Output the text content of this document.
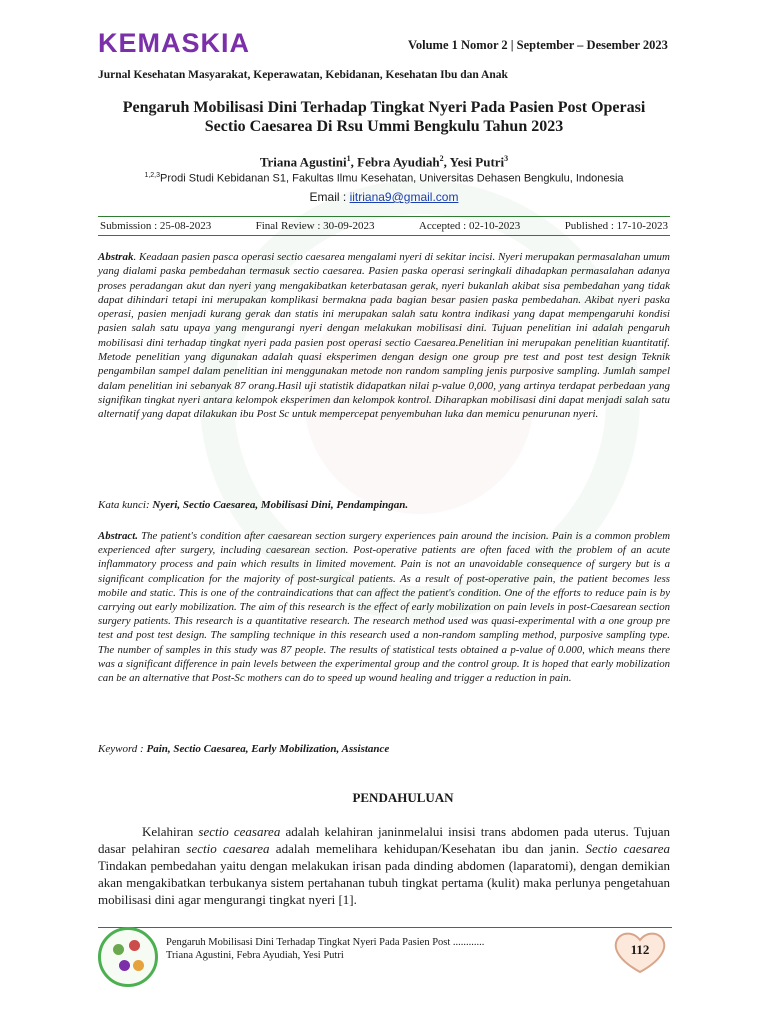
KEMASKIA	Volume 1 Nomor 2 | September – Desember 2023
Jurnal Kesehatan Masyarakat, Keperawatan, Kebidanan, Kesehatan Ibu dan Anak
Pengaruh Mobilisasi Dini Terhadap Tingkat Nyeri Pada Pasien Post Operasi
Sectio Caesarea Di Rsu Ummi Bengkulu Tahun 2023
Triana Agustini$^1$, Febra Ayudiah$^2$, Yesi Putri$^3$
$^{1,2,3}$Prodi Studi Kebidanan S1, Fakultas Ilmu Kesehatan, Universitas Dehasen Bengkulu, Indonesia
Email : iitriana9@gmail.com
Submission : 25-08-2023	Final Review : 30-09-2023	Accepted : 02-10-2023	Published : 17-10-2023
Abstrak. Keadaan pasien pasca operasi sectio caesarea mengalami nyeri di sekitar incisi. Nyeri merupakan permasalahan umum yang dialami paska pembedahan termasuk sectio caesarea. Pasien paska operasi seringkali dihadapkan permasalahan adanya proses peradangan akut dan nyeri yang mengakibatkan keterbatasan gerak, nyeri bukanlah akibat sisa pembedahan yang tidak dapat dihindari tetapi ini merupakan komplikasi bermakna pada bagian besar pasien paska pembedahan. Akibat nyeri paska operasi, pasien menjadi kurang gerak dan statis ini merupakan salah satu kontra indikasi yang dapat mempengaruhi kondisi pasien salah satu upaya yang mengurangi nyeri dengan melakukan mobilisasi dini. Tujuan penelitian ini adalah pengaruh mobilisasi dini terhadap tingkat nyeri pada pasien post operasi sectio Caesarea.Penelitian ini merupakan penelitian kuantitatif. Metode penelitian yang digunakan adalah quasi eksperimen dengan design one group pre test and post test design Teknik pengambilan sampel dalam penelitian ini menggunakan metode non random sampling jenis purposive sampling. Jumlah sampel dalam penelitian ini sebanyak 87 orang.Hasil uji statistik didapatkan nilai p-value 0,000, yang artinya terdapat perbedaan yang signifikan tingkat nyeri antara kelompok eksperimen dan kelompok kontrol. Diharapkan mobilisasi dini dapat menjadi salah satu alternatif yang dapat dilakukan ibu Post Sc untuk mempercepat penyembuhan luka dan memicu penurunan nyeri.
Kata kunci: Nyeri, Sectio Caesarea, Mobilisasi Dini, Pendampingan.
Abstract. The patient's condition after caesarean section surgery experiences pain around the incision. Pain is a common problem experienced after surgery, including caesarean section. Post-operative patients are often faced with the problem of an acute inflammatory process and pain which results in limited movement. Pain is not an unavoidable consequence of surgery but is a significant complication for the majority of post-surgical patients. As a result of post-operative pain, the patient becomes less mobile and static. This is one of the contraindications that can affect the patient's condition. One of the efforts to reduce pain is by carrying out early mobilization. The aim of this research is the effect of early mobilization on pain levels in post-Caesarean section surgery patients. This research is a quantitative research. The research method used was quasi-experimental with a one group pre test and post test design. The sampling technique in this research used a non-random sampling method, purposive sampling type. The number of samples in this study was 87 people. The results of statistical tests obtained a p-value of 0.000, which means there was a significant difference in pain levels between the experimental group and the control group. It is hoped that early mobilization can be an alternative that Post-Sc mothers can do to speed up wound healing and trigger a reduction in pain.
Keyword : Pain, Sectio Caesarea, Early Mobilization, Assistance
PENDAHULUAN
Kelahiran sectio ceasarea adalah kelahiran janinmelalui insisi trans abdomen pada uterus. Tujuan dasar pelahiran sectio caesarea adalah memelihara kehidupan/Kesehatan ibu dan janin. Sectio caesarea Tindakan pembedahan yaitu dengan melakukan irisan pada dinding abdomen (laparatomi), dengan demikian akan mengakibatkan terbukanya sistem pertahanan tubuh tingkat pertama (kulit) maka perlunya pengetahuan mobilisasi dini agar mengurangi tingkat nyeri [1].
Pengaruh Mobilisasi Dini Terhadap Tingkat Nyeri Pada Pasien Post ............
Triana Agustini, Febra Ayudiah, Yesi Putri	112
